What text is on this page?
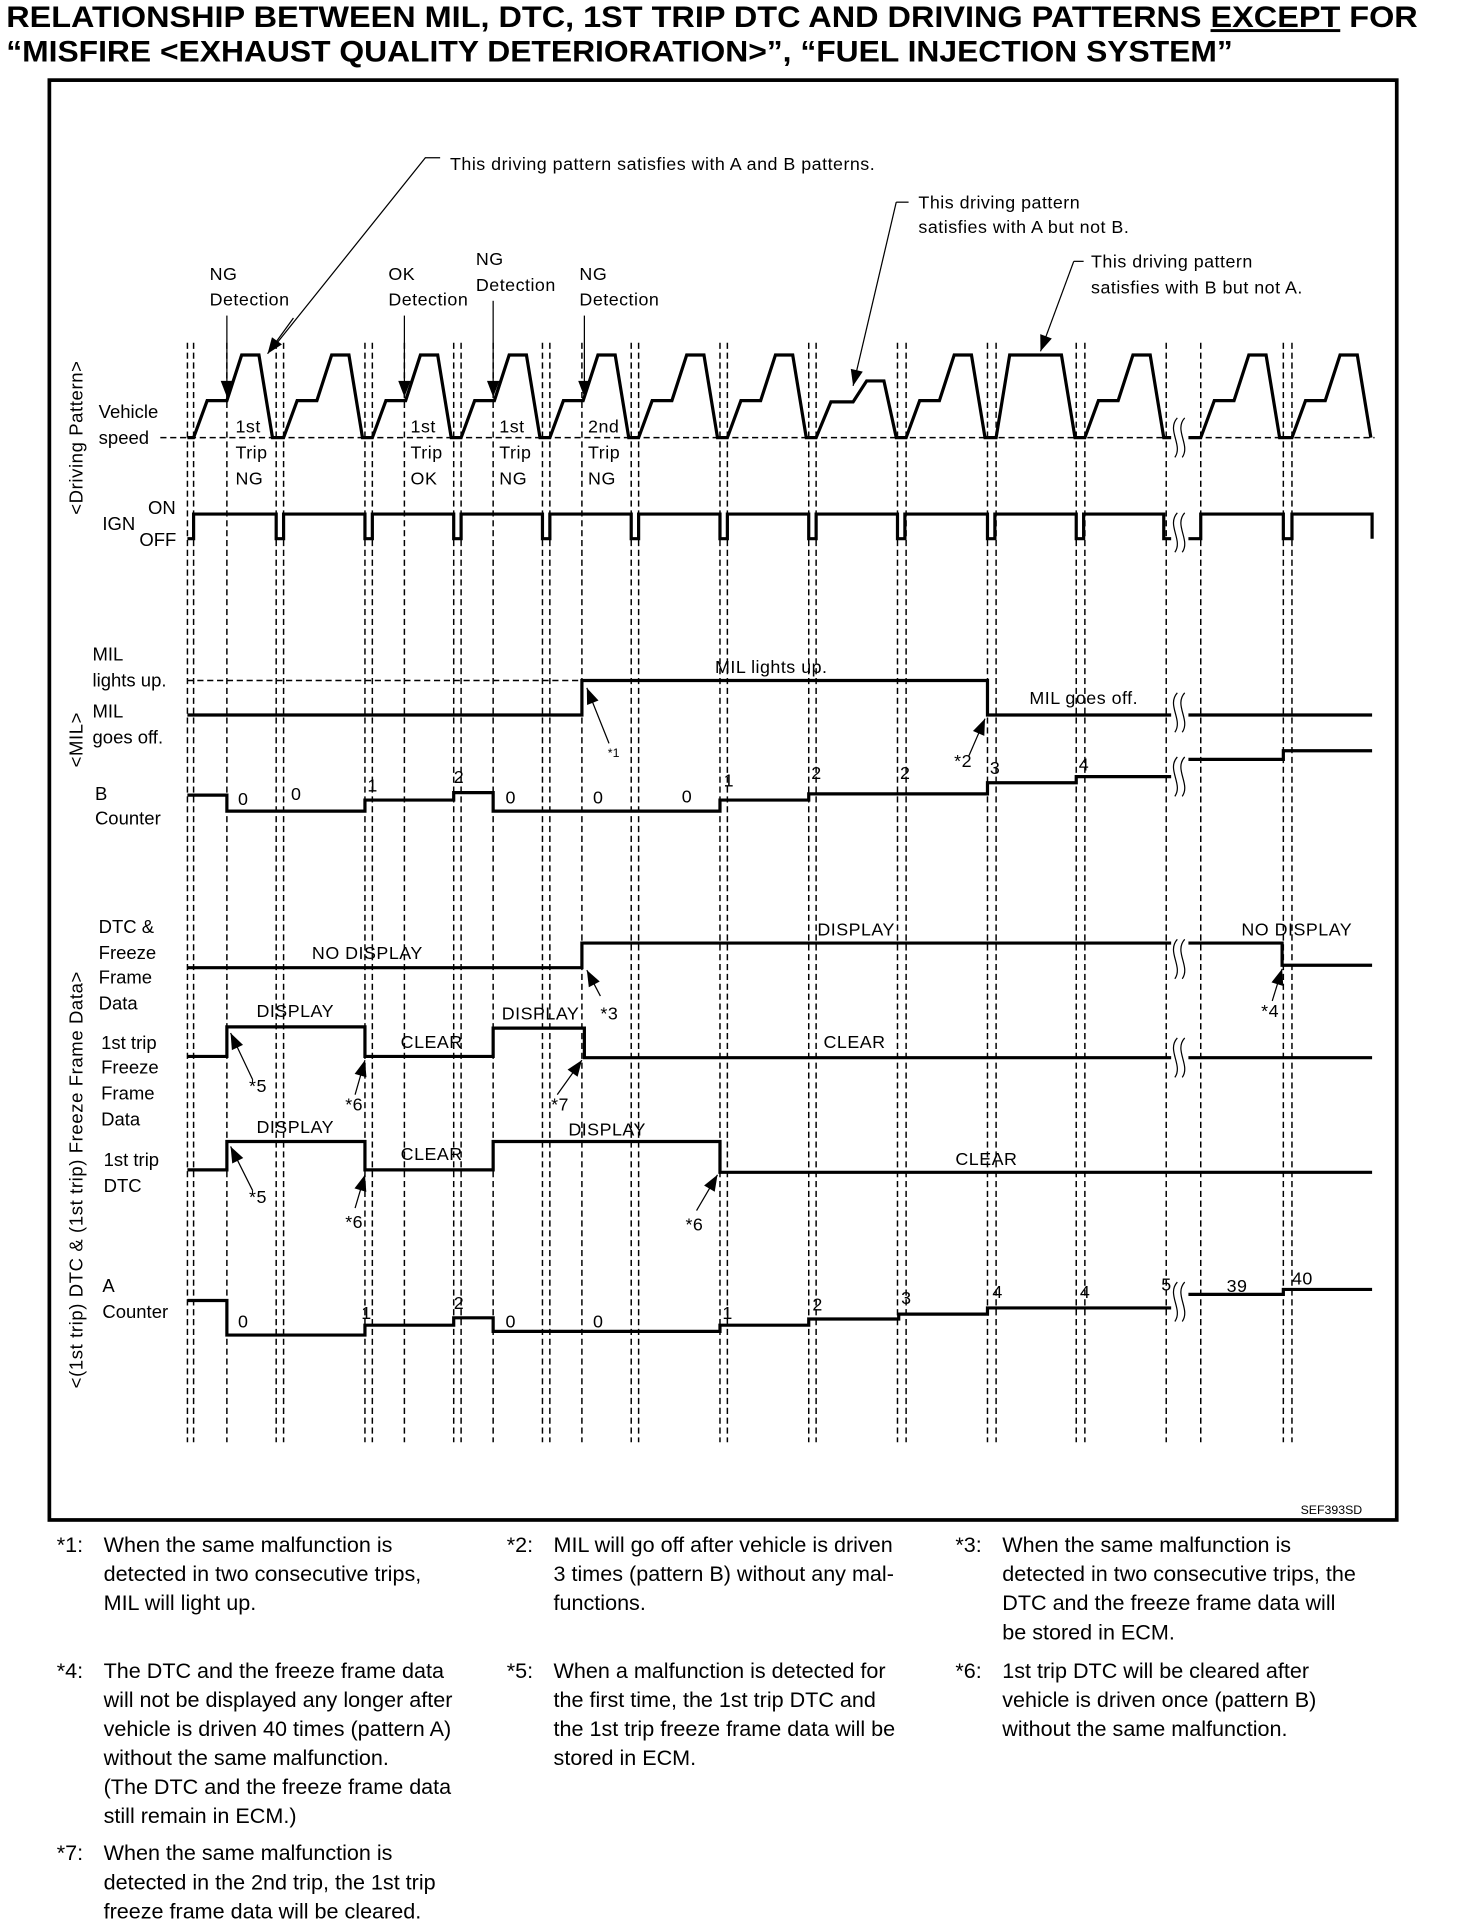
RELATIONSHIP BETWEEN MIL, DTC, 1ST TRIP DTC AND DRIVING PATTERNS	EXCEPT FOR
“MISFIRE <EXHAUST QUALITY DETERIORATION>”, “FUEL INJECTION SYSTEM”
<Driving Pattern>
<MIL>
<(1st trip) DTC & (1st trip) Freeze Frame Data>
Vehicle
speed
IGN
ON
OFF
MIL
lights up.
MIL
goes off.
B
Counter
DTC &
Freeze
Frame
Data
1st trip
Freeze
Frame
Data
1st trip
DTC
A
Counter
This driving pattern satisfies with A and B patterns.
This driving pattern
satisfies with A but not B.
This driving pattern
satisfies with B but not A.
NG
Detection
OK
Detection
NG
Detection
NG
Detection
1st
Trip
NG
1st
Trip
OK
1st
Trip
NG
2nd
Trip
NG
MIL lights up.
MIL goes off.
NO DISPLAY
DISPLAY	NO DISPLAY
DISPLAY
CLEAR
DISPLAY
CLEAR
DISPLAY
CLEAR
DISPLAY
CLEAR
0	0	1	2
0	0	0
1	2	2	3	4
0	1	2
0	0	1	2	3	4	4	5	39	40
*1	*2
*3	*4
*5
*6	*7
*5
*6	*6
SEF393SD
*1: When the same malfunction is
detected in two consecutive trips,
MIL will light up.
*2: MIL will go off after vehicle is driven
3 times (pattern B) without any mal-
functions.
*3: When the same malfunction is
detected in two consecutive trips, the
DTC and the freeze frame data will
be stored in ECM.
*4: The DTC and the freeze frame data
will not be displayed any longer after
vehicle is driven 40 times (pattern A)
without the same malfunction.
(The DTC and the freeze frame data
still remain in ECM.)
*5: When a malfunction is detected for
the first time, the 1st trip DTC and
the 1st trip freeze frame data will be
stored in ECM.
*6: 1st trip DTC will be cleared after
vehicle is driven once (pattern B)
without the same malfunction.
*7: When the same malfunction is
detected in the 2nd trip, the 1st trip
freeze frame data will be cleared.
